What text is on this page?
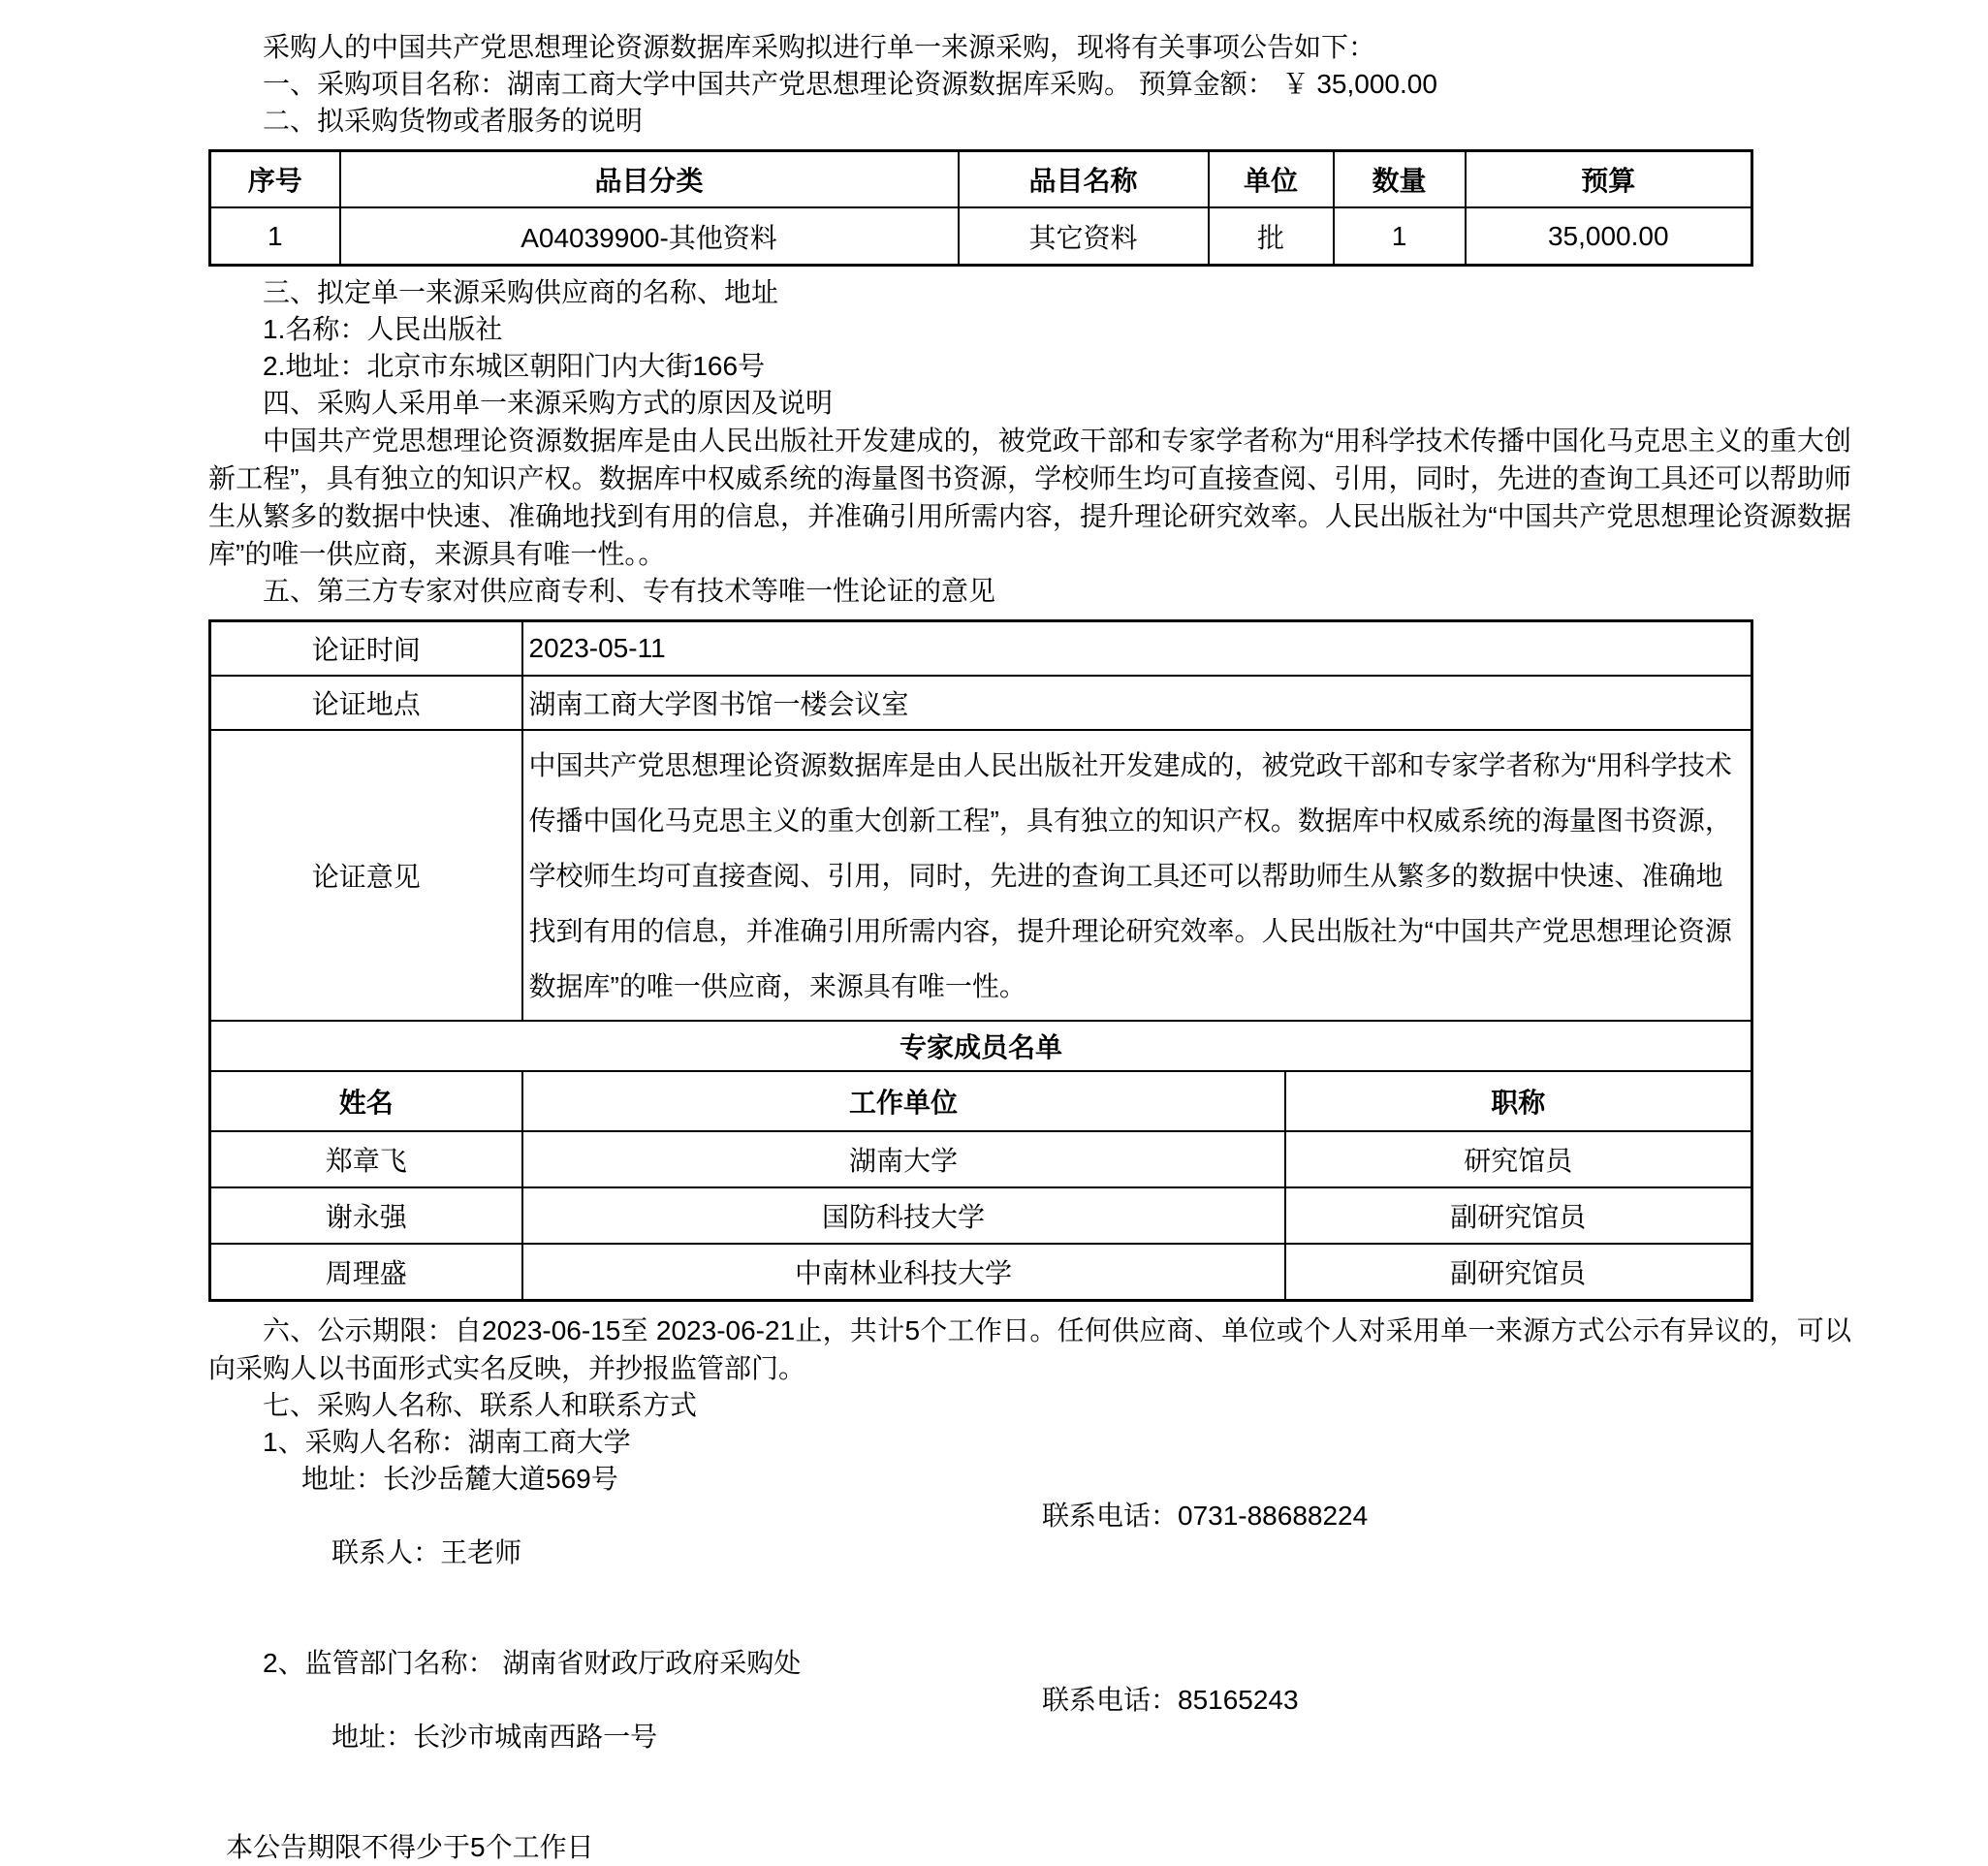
采购人的中国共产党思想理论资源数据库采购拟进行单一来源采购，现将有关事项公告如下：

一、采购项目名称：湖南工商大学中国共产党思想理论资源数据库采购。 预算金额： ￥ 35,000.00

二、拟采购货物或者服务的说明

序号	品目分类	品目名称	单位	数量	预算
1	A04039900-其他资料	其它资料	批	1	35,000.00

三、拟定单一来源采购供应商的名称、地址

1.名称：人民出版社

2.地址：北京市东城区朝阳门内大街166号

四、采购人采用单一来源采购方式的原因及说明

中国共产党思想理论资源数据库是由人民出版社开发建成的，被党政干部和专家学者称为“用科学技术传播中国化马克思主义的重大创新工程”，具有独立的知识产权。数据库中权威系统的海量图书资源，学校师生均可直接查阅、引用，同时，先进的查询工具还可以帮助师生从繁多的数据中快速、准确地找到有用的信息，并准确引用所需内容，提升理论研究效率。人民出版社为“中国共产党思想理论资源数据库”的唯一供应商，来源具有唯一性。。

五、第三方专家对供应商专利、专有技术等唯一性论证的意见

论证时间	2023-05-11	
论证地点	湖南工商大学图书馆一楼会议室	
论证意见	中国共产党思想理论资源数据库是由人民出版社开发建成的，被党政干部和专家学者称为“用科学技术传播中国化马克思主义的重大创新工程”，具有独立的知识产权。数据库中权威系统的海量图书资源，学校师生均可直接查阅、引用，同时，先进的查询工具还可以帮助师生从繁多的数据中快速、准确地找到有用的信息，并准确引用所需内容，提升理论研究效率。人民出版社为“中国共产党思想理论资源数据库”的唯一供应商，来源具有唯一性。	
专家成员名单		
姓名	工作单位	职称
郑章飞	湖南大学	研究馆员
谢永强	国防科技大学	副研究馆员
周理盛	中南林业科技大学	副研究馆员

六、公示期限：自2023-06-15至 2023-06-21止，共计5个工作日。任何供应商、单位或个人对采用单一来源方式公示有异议的，可以向采购人以书面形式实名反映，并抄报监管部门。

七、采购人名称、联系人和联系方式

1、采购人名称：湖南工商大学

地址：长沙岳麓大道569号

联系人：王老师

联系电话：0731-88688224

2、监管部门名称： 湖南省财政厅政府采购处

地址：长沙市城南西路一号

联系电话：85165243

本公告期限不得少于5个工作日
